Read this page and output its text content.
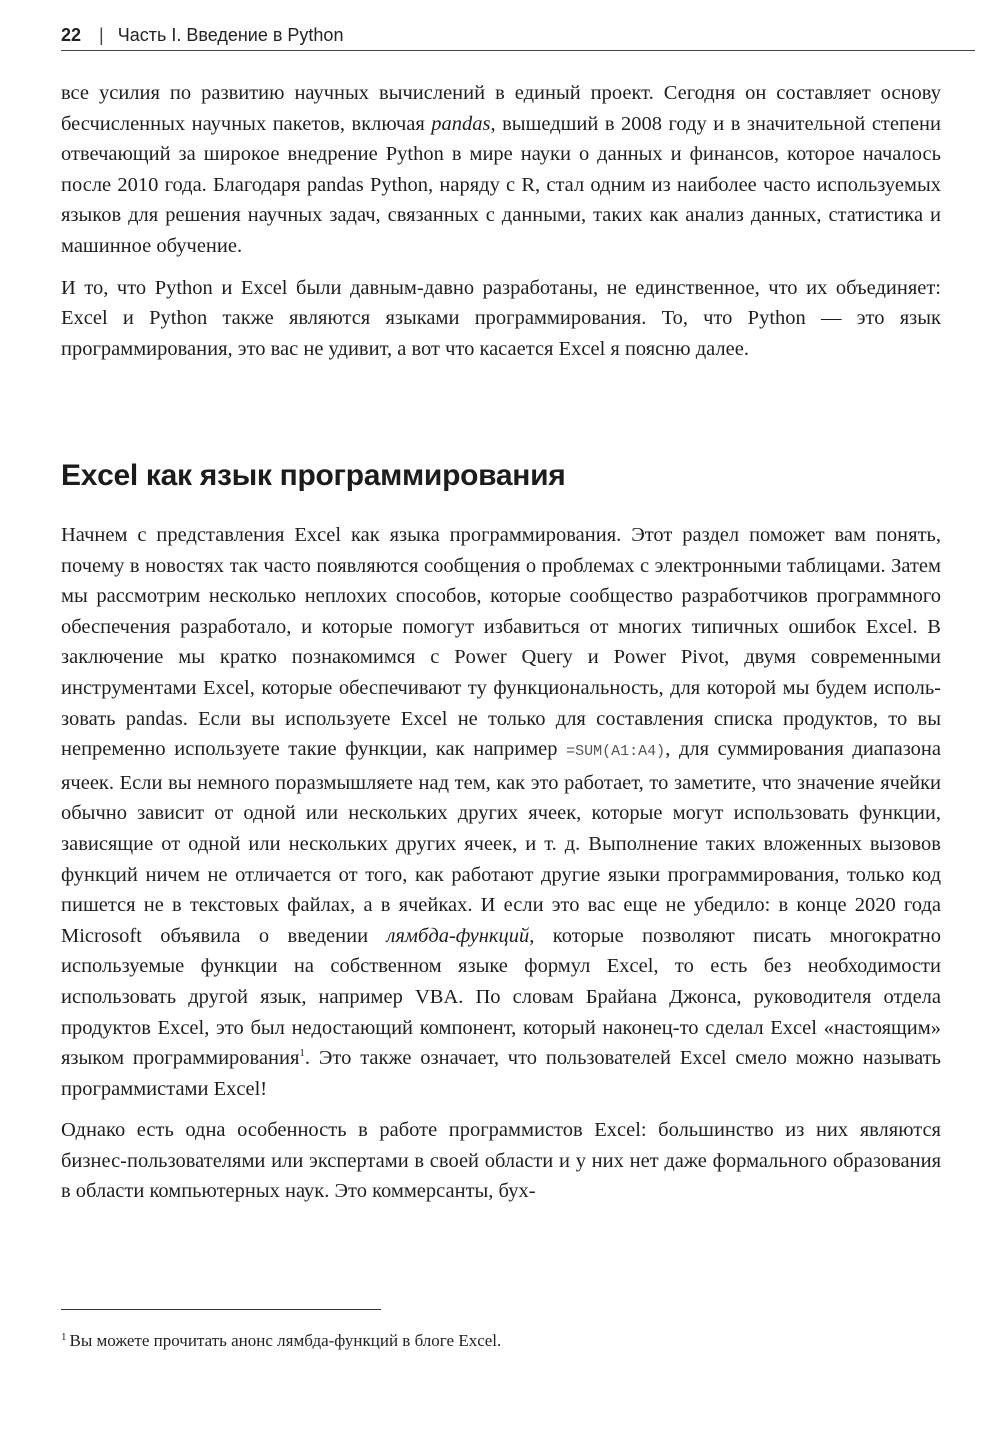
22 | Часть I. Введение в Python

все усилия по развитию научных вычислений в единый проект. Сегодня он составляет основу бесчисленных научных пакетов, включая pandas, вышедший в 2008 году и в значительной степени отвечающий за широкое внедрение Python в мире науки о данных и финансов, которое началось после 2010 года. Благодаря pandas Python, наряду с R, стал одним из наиболее часто используемых языков для решения научных задач, связанных с данными, таких как анализ данных, статистика и машинное обучение.

И то, что Python и Excel были давным-давно разработаны, не единственное, что их объединяет: Excel и Python также являются языками программирования. То, что Python — это язык программирования, это вас не удивит, а вот что касается Excel я поясню далее.

Excel как язык программирования

Начнем с представления Excel как языка программирования. Этот раздел поможет вам понять, почему в новостях так часто появляются сообщения о проблемах с электронными таблицами. Затем мы рассмотрим несколько неплохих способов, которые сообщество разработчиков программного обеспечения разработало, и которые помогут избавиться от многих типичных ошибок Excel. В заключение мы кратко познакомимся с Power Query и Power Pivot, двумя современными инструментами Excel, которые обеспечивают ту функциональность, для которой мы будем использовать pandas. Если вы используете Excel не только для составления списка продуктов, то вы непременно используете такие функции, как например =SUM(A1:A4), для суммирования диапазона ячеек. Если вы немного поразмышляете над тем, как это работает, то заметите, что значение ячейки обычно зависит от одной или нескольких других ячеек, которые могут использовать функции, зависящие от одной или нескольких других ячеек, и т. д. Выполнение таких вложенных вызовов функций ничем не отличается от того, как работают другие языки программирования, только код пишется не в текстовых файлах, а в ячейках. И если это вас еще не убедило: в конце 2020 года Microsoft объявила о введении лямбда-функций, которые позволяют писать многократно используемые функции на собственном языке формул Excel, то есть без необходимости использовать другой язык, например VBA. По словам Брайана Джонса, руководителя отдела продуктов Excel, это был недостающий компонент, который наконец-то сделал Excel «настоящим» языком программирования$^1$. Это также означает, что пользователей Excel смело можно называть программистами Excel!

Однако есть одна особенность в работе программистов Excel: большинство из них являются бизнес-пользователями или экспертами в своей области и у них нет даже формального образования в области компьютерных наук. Это коммерсанты, бух-

$^1$ Вы можете прочитать анонс лямбда-функций в блоге Excel.
